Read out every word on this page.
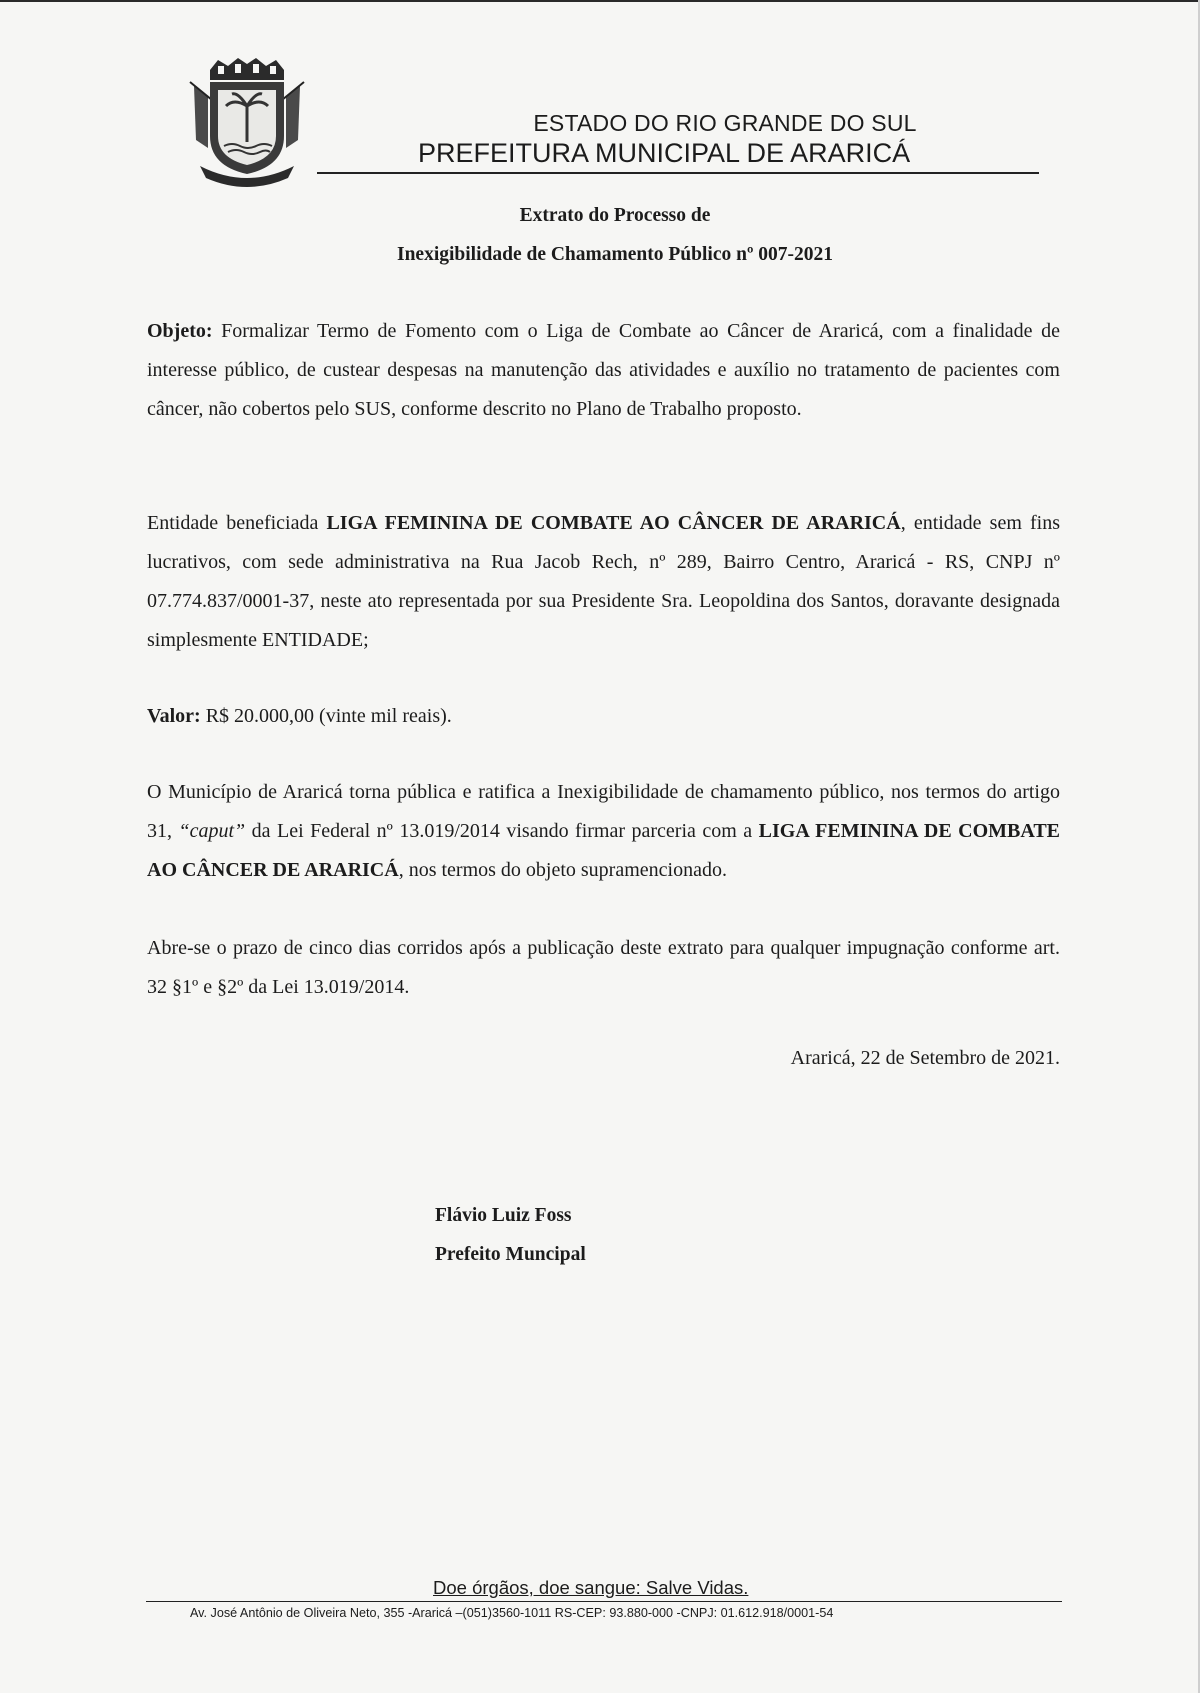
ESTADO DO RIO GRANDE DO SUL

PREFEITURA MUNICIPAL DE ARARICÁ

Extrato do Processo de

Inexigibilidade de Chamamento Público nº 007-2021

Objeto: Formalizar Termo de Fomento com o Liga de Combate ao Câncer de Araricá, com a finalidade de interesse público, de custear despesas na manutenção das atividades e auxílio no tratamento de pacientes com câncer, não cobertos pelo SUS, conforme descrito no Plano de Trabalho proposto.

Entidade beneficiada LIGA FEMININA DE COMBATE AO CÂNCER DE ARARICÁ, entidade sem fins lucrativos, com sede administrativa na Rua Jacob Rech, nº 289, Bairro Centro, Araricá - RS, CNPJ nº 07.774.837/0001-37, neste ato representada por sua Presidente Sra. Leopoldina dos Santos, doravante designada simplesmente ENTIDADE;

Valor: R$ 20.000,00 (vinte mil reais).

O Município de Araricá torna pública e ratifica a Inexigibilidade de chamamento público, nos termos do artigo 31, “caput” da Lei Federal nº 13.019/2014 visando firmar parceria com a LIGA FEMININA DE COMBATE AO CÂNCER DE ARARICÁ, nos termos do objeto supramencionado.

Abre-se o prazo de cinco dias corridos após a publicação deste extrato para qualquer impugnação conforme art. 32 §1º e §2º da Lei 13.019/2014.

Araricá, 22 de Setembro de 2021.

Flávio Luiz Foss

Prefeito Muncipal

Doe órgãos, doe sangue: Salve Vidas.

Av. José Antônio de Oliveira Neto, 355 -Araricá –(051)3560-1011 RS-CEP: 93.880-000 -CNPJ: 01.612.918/0001-54
